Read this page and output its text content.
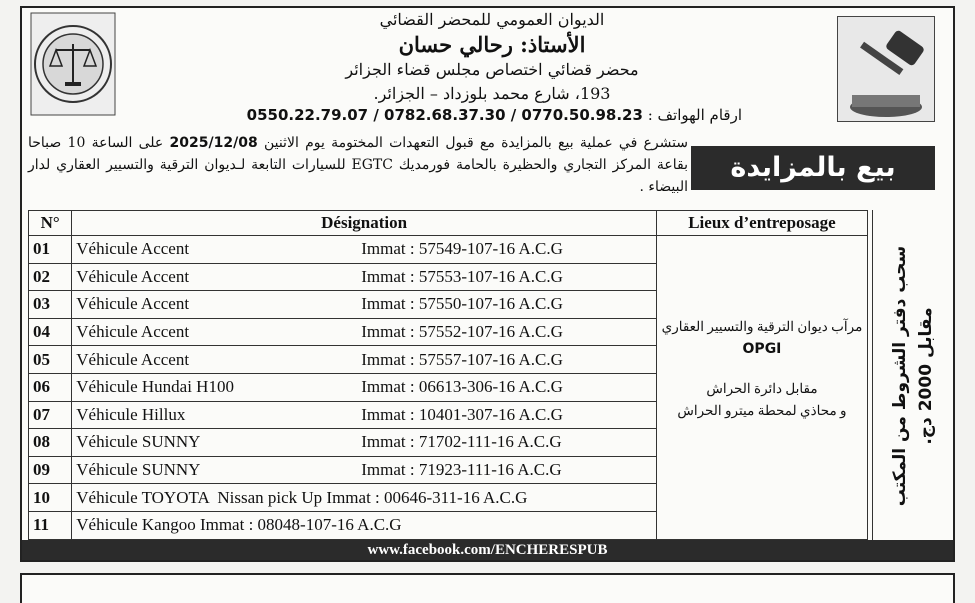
الديوان العمومي للمحضر القضائي
الأستاذ: رحالي حسان
محضر قضائي اختصاص مجلس قضاء الجزائر
193، شارع محمد بلوزداد – الجزائر.
ارقام الهواتف : 0550.22.79.07 / 0782.68.37.30 / 0770.50.98.23
ستشرع في عملية بيع بالمزايدة مع قبول التعهدات المختومة يوم الاثنين 2025/12/08 على الساعة 10 صباحا بقاعة المركز التجاري والحظيرة بالحامة فورمديك EGTC للسيارات التابعة لـديوان الترقية والتسيير العقاري لدار البيضاء .
بيع بالمزايدة
N°	Désignation	Lieux d’entreposage
01	Véhicule Accent Immat : 57549-107-16 A.C.G	مرآب ديوان الترقية والتسيير العقاري
OPGI
مقابل دائرة الحراش
و محاذي لمحطة ميترو الحراش

02	Véhicule Accent Immat : 57553-107-16 A.C.G	
03	Véhicule Accent Immat : 57550-107-16 A.C.G	
04	Véhicule Accent Immat : 57552-107-16 A.C.G	
05	Véhicule Accent Immat : 57557-107-16 A.C.G	
06	Véhicule Hundai H100 Immat : 06613-306-16 A.C.G	
07	Véhicule Hillux Immat : 10401-307-16 A.C.G	
08	Véhicule SUNNY Immat : 71702-111-16 A.C.G	
09	Véhicule SUNNY Immat : 71923-111-16 A.C.G	
10	Véhicule TOYOTA  Nissan pick Up Immat : 00646-311-16 A.C.G	
11	Véhicule Kangoo Immat : 08048-107-16 A.C.G	
سحب دفتر الشروط من المكتب مقابل 2000 دج.
www.facebook.com/ENCHERESPUB
